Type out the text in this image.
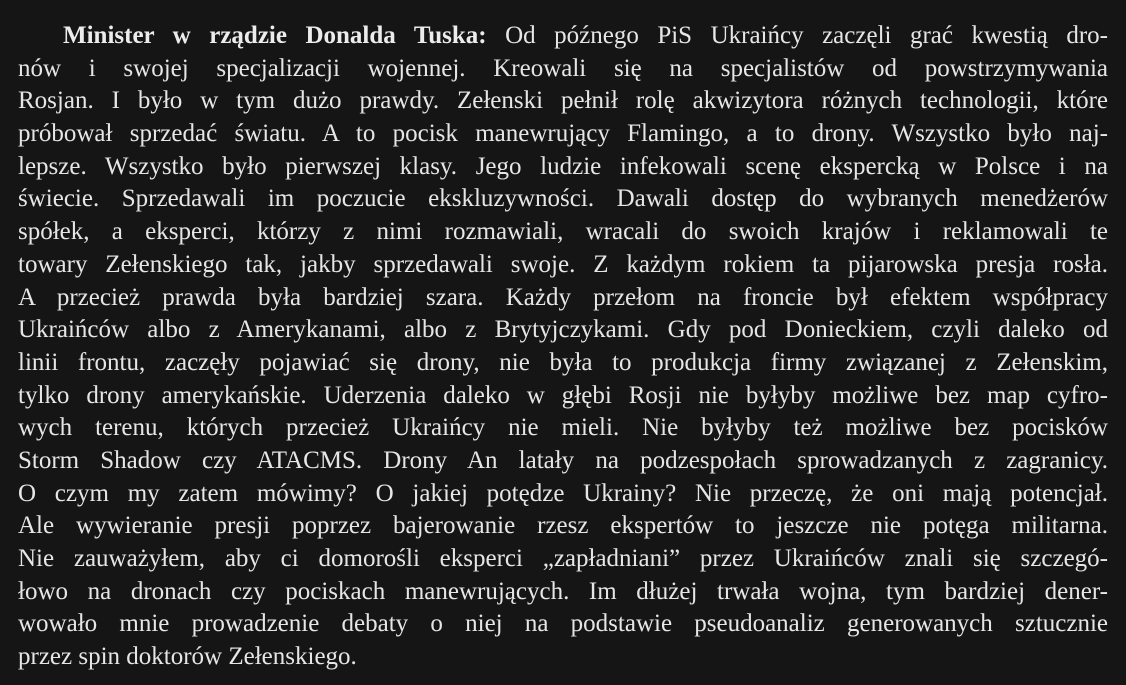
Minister w rządzie Donalda Tuska: Od późnego PiS Ukraińcy zaczęli grać kwestią dro-
nów i swojej specjalizacji wojennej. Kreowali się na specjalistów od powstrzymywania
Rosjan. I było w tym dużo prawdy. Zełenski pełnił rolę akwizytora różnych technologii, które
próbował sprzedać światu. A to pocisk manewrujący Flamingo, a to drony. Wszystko było naj-
lepsze. Wszystko było pierwszej klasy. Jego ludzie infekowali scenę ekspercką w Polsce i na
świecie. Sprzedawali im poczucie ekskluzywności. Dawali dostęp do wybranych menedżerów
spółek, a eksperci, którzy z nimi rozmawiali, wracali do swoich krajów i reklamowali te
towary Zełenskiego tak, jakby sprzedawali swoje. Z każdym rokiem ta pijarowska presja rosła.
A przecież prawda była bardziej szara. Każdy przełom na froncie był efektem współpracy
Ukraińców albo z Amerykanami, albo z Brytyjczykami. Gdy pod Donieckiem, czyli daleko od
linii frontu, zaczęły pojawiać się drony, nie była to produkcja firmy związanej z Zełenskim,
tylko drony amerykańskie. Uderzenia daleko w głębi Rosji nie byłyby możliwe bez map cyfro-
wych terenu, których przecież Ukraińcy nie mieli. Nie byłyby też możliwe bez pocisków
Storm Shadow czy ATACMS. Drony An latały na podzespołach sprowadzanych z zagranicy.
O czym my zatem mówimy? O jakiej potędze Ukrainy? Nie przeczę, że oni mają potencjał.
Ale wywieranie presji poprzez bajerowanie rzesz ekspertów to jeszcze nie potęga militarna.
Nie zauważyłem, aby ci domorośli eksperci „zapładniani” przez Ukraińców znali się szczegó-
łowo na dronach czy pociskach manewrujących. Im dłużej trwała wojna, tym bardziej dener-
wowało mnie prowadzenie debaty o niej na podstawie pseudoanaliz generowanych sztucznie
przez spin doktorów Zełenskiego.
